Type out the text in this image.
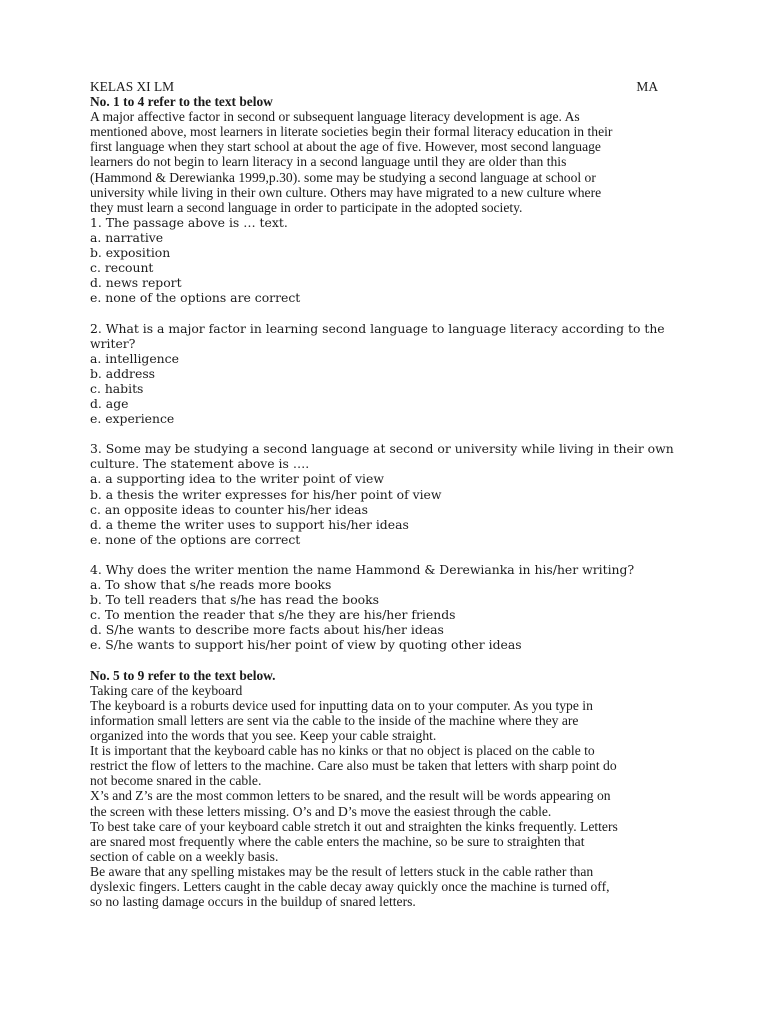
KELAS XI LM	MA
No. 1 to 4 refer to the text below
A major affective factor in second or subsequent language literacy development is age. As
mentioned above, most learners in literate societies begin their formal literacy education in their
first language when they start school at about the age of five. However, most second language
learners do not begin to learn literacy in a second language until they are older than this
(Hammond & Derewianka 1999,p.30). some may be studying a second language at school or
university while living in their own culture. Others may have migrated to a new culture where
they must learn a second language in order to participate in the adopted society.
1. The passage above is … text.
a. narrative
b. exposition
c. recount
d. news report
e. none of the options are correct
2. What is a major factor in learning second language to language literacy according to the
writer?
a. intelligence
b. address
c. habits
d. age
e. experience
3. Some may be studying a second language at second or university while living in their own
culture. The statement above is ….
a. a supporting idea to the writer point of view
b. a thesis the writer expresses for his/her point of view
c. an opposite ideas to counter his/her ideas
d. a theme the writer uses to support his/her ideas
e. none of the options are correct
4. Why does the writer mention the name Hammond & Derewianka in his/her writing?
a. To show that s/he reads more books
b. To tell readers that s/he has read the books
c. To mention the reader that s/he they are his/her friends
d. S/he wants to describe more facts about his/her ideas
e. S/he wants to support his/her point of view by quoting other ideas
No. 5 to 9 refer to the text below.
Taking care of the keyboard
The keyboard is a roburts device used for inputting data on to your computer. As you type in
information small letters are sent via the cable to the inside of the machine where they are
organized into the words that you see. Keep your cable straight.
It is important that the keyboard cable has no kinks or that no object is placed on the cable to
restrict the flow of letters to the machine. Care also must be taken that letters with sharp point do
not become snared in the cable.
X’s and Z’s are the most common letters to be snared, and the result will be words appearing on
the screen with these letters missing. O’s and D’s move the easiest through the cable.
To best take care of your keyboard cable stretch it out and straighten the kinks frequently. Letters
are snared most frequently where the cable enters the machine, so be sure to straighten that
section of cable on a weekly basis.
Be aware that any spelling mistakes may be the result of letters stuck in the cable rather than
dyslexic fingers. Letters caught in the cable decay away quickly once the machine is turned off,
so no lasting damage occurs in the buildup of snared letters.
